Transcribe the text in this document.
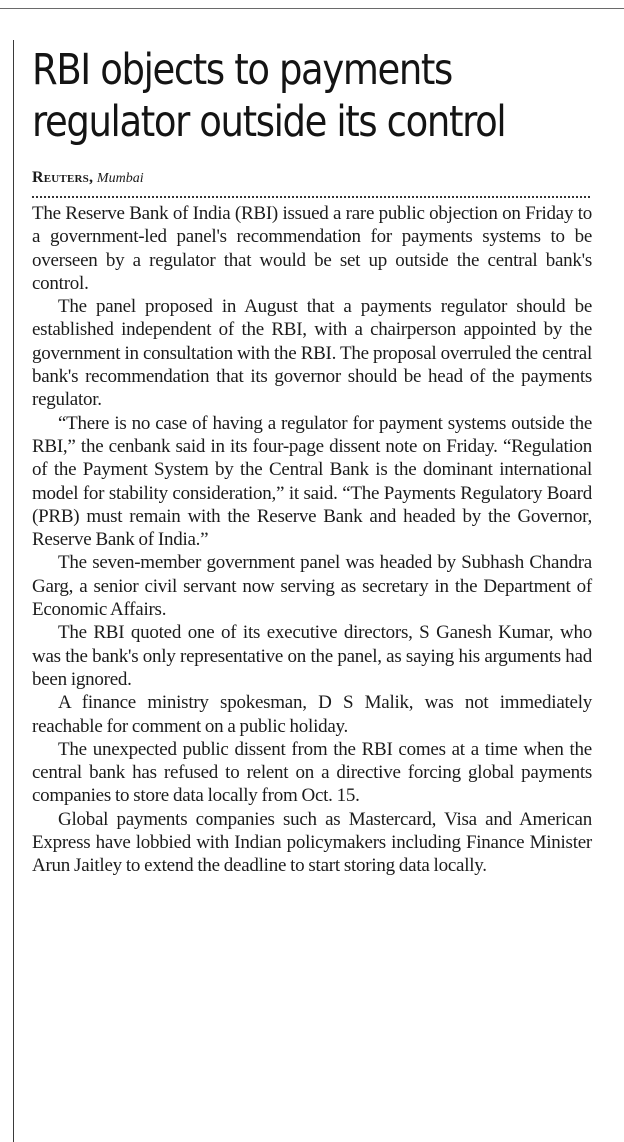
RBI objects to payments
regulator outside its control
Reuters, Mumbai

The Reserve Bank of India (RBI) issued a rare public objection on Friday to a government-led panel's recommendation for payments systems to be overseen by a regulator that would be set up outside the central bank's control.

The panel proposed in August that a payments regulator should be established independent of the RBI, with a chairperson appointed by the government in consultation with the RBI. The proposal overruled the central bank's recommendation that its governor should be head of the payments regulator.

“There is no case of having a regulator for payment systems outside the RBI,” the cenbank said in its four-page dissent note on Friday. “Regulation of the Payment System by the Central Bank is the dominant international model for stability consideration,” it said. “The Payments Regulatory Board (PRB) must remain with the Reserve Bank and headed by the Governor, Reserve Bank of India.”

The seven-member government panel was headed by Subhash Chandra Garg, a senior civil servant now serving as secretary in the Department of Economic Affairs.

The RBI quoted one of its executive directors, S Ganesh Kumar, who was the bank's only representative on the panel, as saying his arguments had been ignored.

A finance ministry spokesman, D S Malik, was not immediately reachable for comment on a public holiday.

The unexpected public dissent from the RBI comes at a time when the central bank has refused to relent on a directive forcing global payments companies to store data locally from Oct. 15.

Global payments companies such as Mastercard, Visa and American Express have lobbied with Indian policymakers including Finance Minister Arun Jaitley to extend the deadline to start storing data locally.
